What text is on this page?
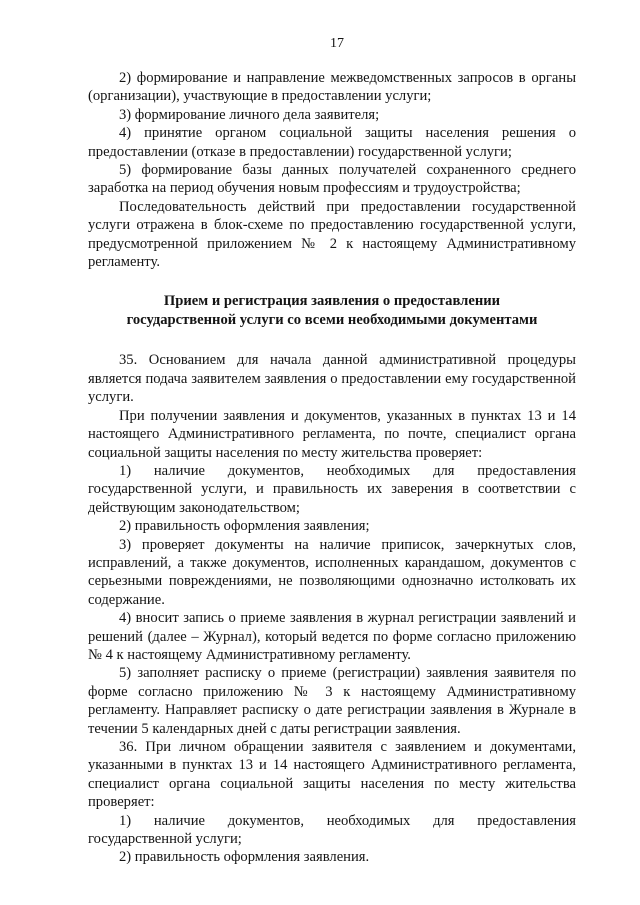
17

2) формирование и направление межведомственных запросов в органы (организации), участвующие в предоставлении услуги;

3) формирование личного дела заявителя;

4) принятие органом социальной защиты населения решения о предоставлении (отказе в предоставлении) государственной услуги;

5) формирование базы данных получателей сохраненного среднего заработка на период обучения новым профессиям и трудоустройства;

Последовательность действий при предоставлении государственной услуги отражена в блок-схеме по предоставлению государственной услуги, предусмотренной приложением № 2 к настоящему Административному регламенту.

Прием и регистрация заявления о предоставлении
государственной услуги со всеми необходимыми документами

35. Основанием для начала данной административной процедуры является подача заявителем заявления о предоставлении ему государственной услуги.

При получении заявления и документов, указанных в пунктах 13 и 14 настоящего Административного регламента, по почте, специалист органа социальной защиты населения по месту жительства проверяет:

1) наличие документов, необходимых для предоставления государственной услуги, и правильность их заверения в соответствии с действующим законодательством;

2) правильность оформления заявления;

3) проверяет документы на наличие приписок, зачеркнутых слов, исправлений, а также документов, исполненных карандашом, документов с серьезными повреждениями, не позволяющими однозначно истолковать их содержание.

4) вносит запись о приеме заявления в журнал регистрации заявлений и решений (далее – Журнал), который ведется по форме согласно приложению № 4 к настоящему Административному регламенту.

5) заполняет расписку о приеме (регистрации) заявления заявителя по форме согласно приложению № 3 к настоящему Административному регламенту. Направляет расписку о дате регистрации заявления в Журнале в течении 5 календарных дней с даты регистрации заявления.

36. При личном обращении заявителя с заявлением и документами, указанными в пунктах 13 и 14 настоящего Административного регламента, специалист органа социальной защиты населения по месту жительства проверяет:

1) наличие документов, необходимых для предоставления государственной услуги;

2) правильность оформления заявления.
